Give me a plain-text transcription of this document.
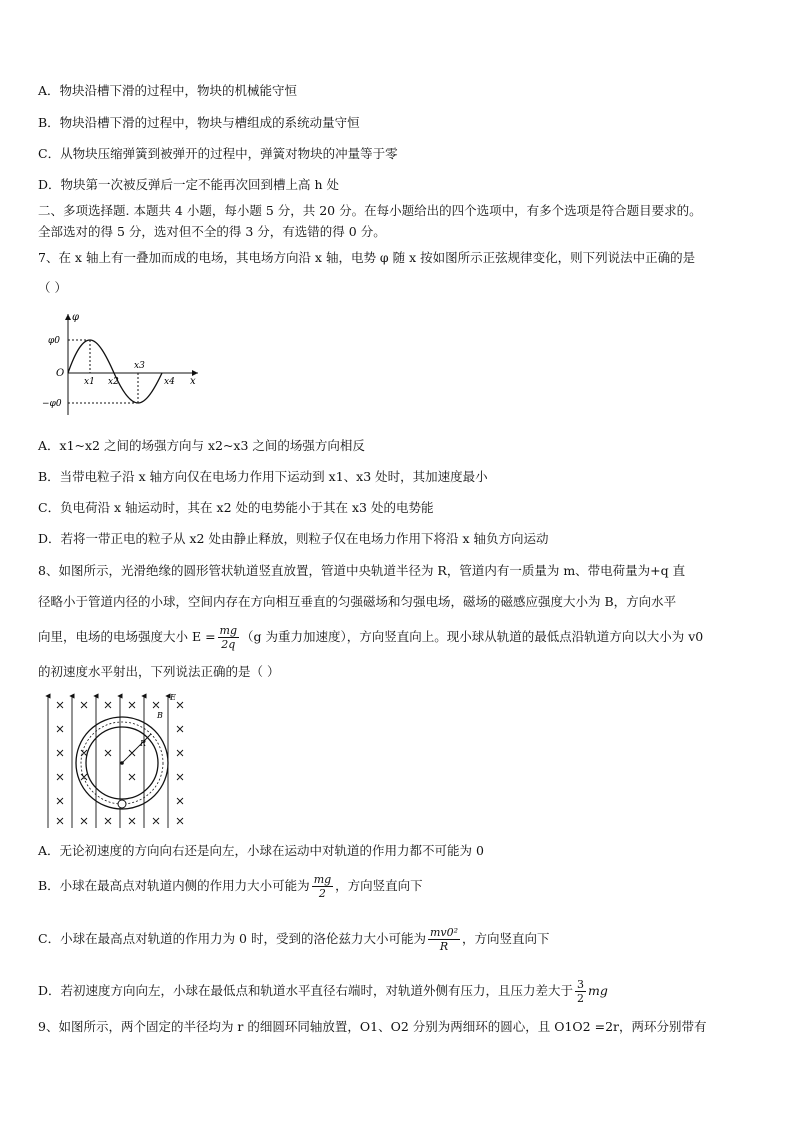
A．物块沿槽下滑的过程中，物块的机械能守恒
B．物块沿槽下滑的过程中，物块与槽组成的系统动量守恒
C．从物块压缩弹簧到被弹开的过程中，弹簧对物块的冲量等于零
D．物块第一次被反弹后一定不能再次回到槽上高 h 处
二、多项选择题. 本题共 4 小题，每小题 5 分，共 20 分。在每小题给出的四个选项中，有多个选项是符合题目要求的。
全部选对的得 5 分，选对但不全的得 3 分，有选错的得 0 分。
7、在 x 轴上有一叠加而成的电场，其电场方向沿 x 轴，电势 φ 随 x 按如图所示正弦规律变化，则下列说法中正确的是
（ ）
φ
φ0
−φ0
O
x
x1 x2
x3
x4
A．x1~x2 之间的场强方向与 x2~x3 之间的场强方向相反
B．当带电粒子沿 x 轴方向仅在电场力作用下运动到 x1、x3 处时，其加速度最小
C．负电荷沿 x 轴运动时，其在 x2 处的电势能小于其在 x3 处的电势能
D．若将一带正电的粒子从 x2 处由静止释放，则粒子仅在电场力作用下将沿 x 轴负方向运动
8、如图所示，光滑绝缘的圆形管状轨道竖直放置，管道中央轨道半径为 R，管道内有一质量为 m、带电荷量为+q 直
径略小于管道内径的小球，空间内存在方向相互垂直的匀强磁场和匀强电场，磁场的磁感应强度大小为 B，方向水平
向里，电场的电场强度大小 $E = \frac{mg}{2q} (g$ 为重力加速度），方向竖直向上。现小球从轨道的最低点沿轨道方向以大小为 v0
的初速度水平射出，下列说法正确的是（ ）
E
B
R
A．无论初速度的方向向右还是向左，小球在运动中对轨道的作用力都不可能为 0
B．小球在最高点对轨道内侧的作用力大小可能为 $\frac{mg}{2}$ ，方向竖直向下
C．小球在最高点对轨道的作用力为 0 时，受到的洛伦兹力大小可能为 $\frac{\text{mv0²}}{R}$ ，方向竖直向下
D．若初速度方向向左，小球在最低点和轨道水平直径右端时，对轨道外侧有压力，且压力差大于 $\frac{3}{2}$ mg
9、如图所示，两个固定的半径均为 r 的细圆环同轴放置，O1、O2 分别为两细环的圆心，且 O1O2 =2r，两环分别带有
